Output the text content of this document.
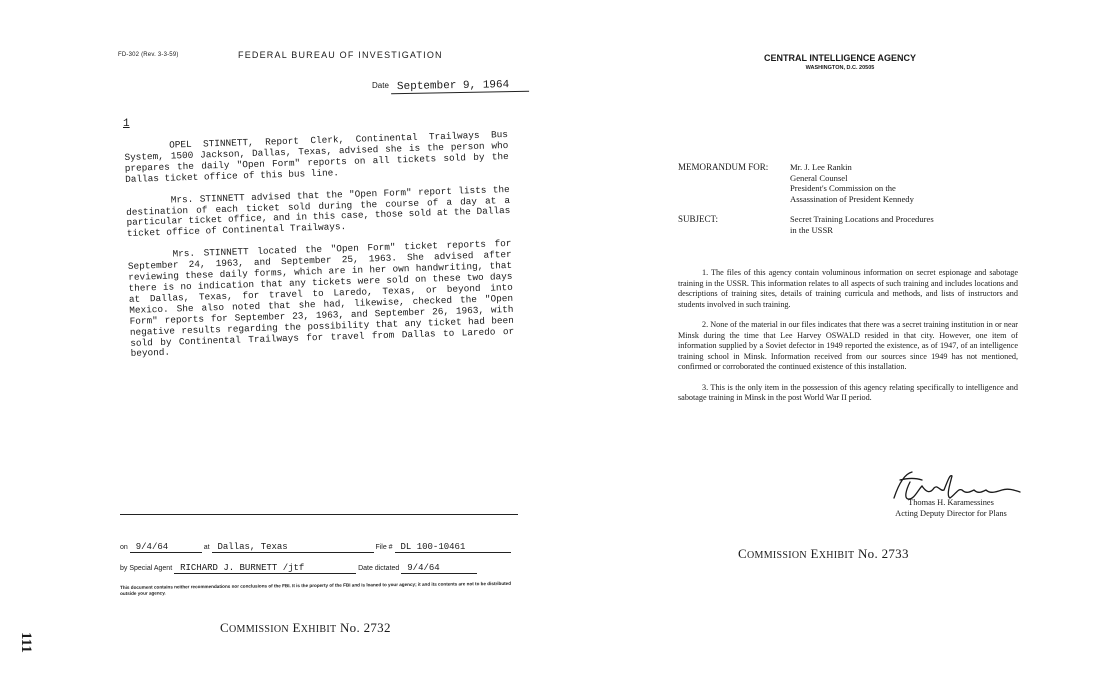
FD-302 (Rev. 3-3-59)	FEDERAL BUREAU OF INVESTIGATION
Date September 9, 1964
1

OPEL STINNETT, Report Clerk, Continental Trailways Bus System, 1500 Jackson, Dallas, Texas, advised she is the person who prepares the daily "Open Form" reports on all tickets sold by the Dallas ticket office of this bus line.

Mrs. STINNETT advised that the "Open Form" report lists the destination of each ticket sold during the course of a day at a particular ticket office, and in this case, those sold at the Dallas ticket office of Continental Trailways.

Mrs. STINNETT located the "Open Form" ticket reports for September 24, 1963, and September 25, 1963. She advised after reviewing these daily forms, which are in her own handwriting, that there is no indication that any tickets were sold on these two days at Dallas, Texas, for travel to Laredo, Texas, or beyond into Mexico. She also noted that she had, likewise, checked the "Open Form" reports for September 23, 1963, and September 26, 1963, with negative results regarding the possibility that any ticket had been sold by Continental Trailways for travel from Dallas to Laredo or beyond.

on 9/4/64	at Dallas, Texas	File # DL 100-10461
by Special Agent RICHARD J. BURNETT /jtf	Date dictated 9/4/64
This document contains neither recommendations nor conclusions of the FBI. It is the property of the FBI and is loaned to your agency; it and its contents are not to be distributed outside your agency.
COMMISSION EXHIBIT No. 2732
111
CENTRAL INTELLIGENCE AGENCY
WASHINGTON, D.C. 20505
MEMORANDUM FOR:	Mr. J. Lee Rankin
General Counsel
President's Commission on the
Assassination of President Kennedy
SUBJECT:	Secret Training Locations and Procedures
in the USSR

1. The files of this agency contain voluminous information on secret espionage and sabotage training in the USSR. This information relates to all aspects of such training and includes locations and descriptions of training sites, details of training curricula and methods, and lists of instructors and students involved in such training.

2. None of the material in our files indicates that there was a secret training institution in or near Minsk during the time that Lee Harvey OSWALD resided in that city. However, one item of information supplied by a Soviet defector in 1949 reported the existence, as of 1947, of an intelligence training school in Minsk. Information received from our sources since 1949 has not mentioned, confirmed or corroborated the continued existence of this installation.

3. This is the only item in the possession of this agency relating specifically to intelligence and sabotage training in Minsk in the post World War II period.

Thomas H. Karamessines
Acting Deputy Director for Plans
COMMISSION EXHIBIT No. 2733
